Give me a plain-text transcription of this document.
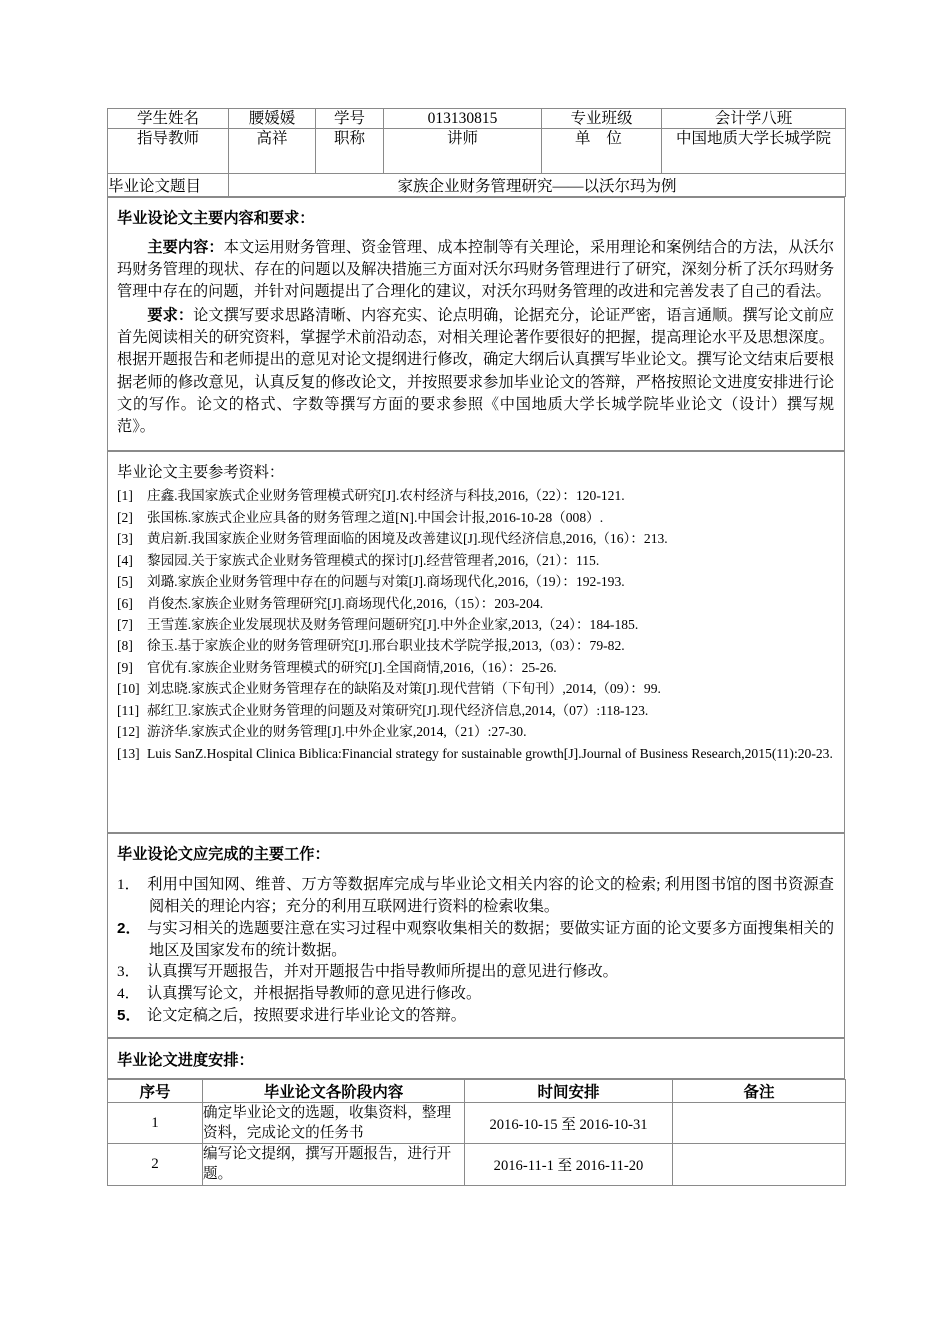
学生姓名	腰媛媛	学号	013130815	专业班级	会计学八班
指导教师	高祥	职称	讲师	单 位	中国地质大学长城学院
毕业论文题目	家族企业财务管理研究——以沃尔玛为例				
毕业设论文主要内容和要求：

主要内容：本文运用财务管理、资金管理、成本控制等有关理论，采用理论和案例结合的方法，从沃尔玛财务管理的现状、存在的问题以及解决措施三方面对沃尔玛财务管理进行了研究，深刻分析了沃尔玛财务管理中存在的问题，并针对问题提出了合理化的建议，对沃尔玛财务管理的改进和完善发表了自己的看法。

要求：论文撰写要求思路清晰、内容充实、论点明确，论据充分，论证严密，语言通顺。撰写论文前应首先阅读相关的研究资料，掌握学术前沿动态，对相关理论著作要很好的把握，提高理论水平及思想深度。根据开题报告和老师提出的意见对论文提纲进行修改，确定大纲后认真撰写毕业论文。撰写论文结束后要根据老师的修改意见，认真反复的修改论文，并按照要求参加毕业论文的答辩，严格按照论文进度安排进行论文的写作。论文的格式、字数等撰写方面的要求参照《中国地质大学长城学院毕业论文（设计）撰写规范》。

毕业论文主要参考资料：
[1] 庄鑫.我国家族式企业财务管理模式研究[J].农村经济与科技,2016,（22）：120-121.
[2] 张国栋.家族式企业应具备的财务管理之道[N].中国会计报,2016-10-28（008）.
[3] 黄启新.我国家族企业财务管理面临的困境及改善建议[J].现代经济信息,2016,（16）：213.
[4] 黎园园.关于家族式企业财务管理模式的探讨[J].经营管理者,2016,（21）：115.
[5] 刘璐.家族企业财务管理中存在的问题与对策[J].商场现代化,2016,（19）：192-193.
[6] 肖俊杰.家族企业财务管理研究[J].商场现代化,2016,（15）：203-204.
[7] 王雪莲.家族企业发展现状及财务管理问题研究[J].中外企业家,2013,（24）：184-185.
[8] 徐玉.基于家族企业的财务管理研究[J].邢台职业技术学院学报,2013,（03）：79-82.
[9] 官优有.家族企业财务管理模式的研究[J].全国商情,2016,（16）：25-26.
[10] 刘忠晓.家族式企业财务管理存在的缺陷及对策[J].现代营销（下旬刊）,2014,（09）：99.
[11] 郝红卫.家族式企业财务管理的问题及对策研究[J].现代经济信息,2014,（07）:118-123.
[12] 游济华.家族式企业的财务管理[J].中外企业家,2014,（21）:27-30.
[13] Luis SanZ.Hospital Clinica Biblica:Financial strategy for sustainable growth[J].Journal of Business Research,2015(11):20-23.
毕业设论文应完成的主要工作：
1． 利用中国知网、维普、万方等数据库完成与毕业论文相关内容的论文的检索; 利用图书馆的图书资源查阅相关的理论内容；充分的利用互联网进行资料的检索收集。
2． 与实习相关的选题要注意在实习过程中观察收集相关的数据；要做实证方面的论文要多方面搜集相关的地区及国家发布的统计数据。
3． 认真撰写开题报告，并对开题报告中指导教师所提出的意见进行修改。
4． 认真撰写论文，并根据指导教师的意见进行修改。
5． 论文定稿之后，按照要求进行毕业论文的答辩。
毕业论文进度安排：
序号	毕业论文各阶段内容	时间安排	备注
1	确定毕业论文的选题，收集资料，整理资料，完成论文的任务书	2016-10-15 至 2016-10-31	
2	编写论文提纲，撰写开题报告，进行开题。	2016-11-1 至 2016-11-20	
